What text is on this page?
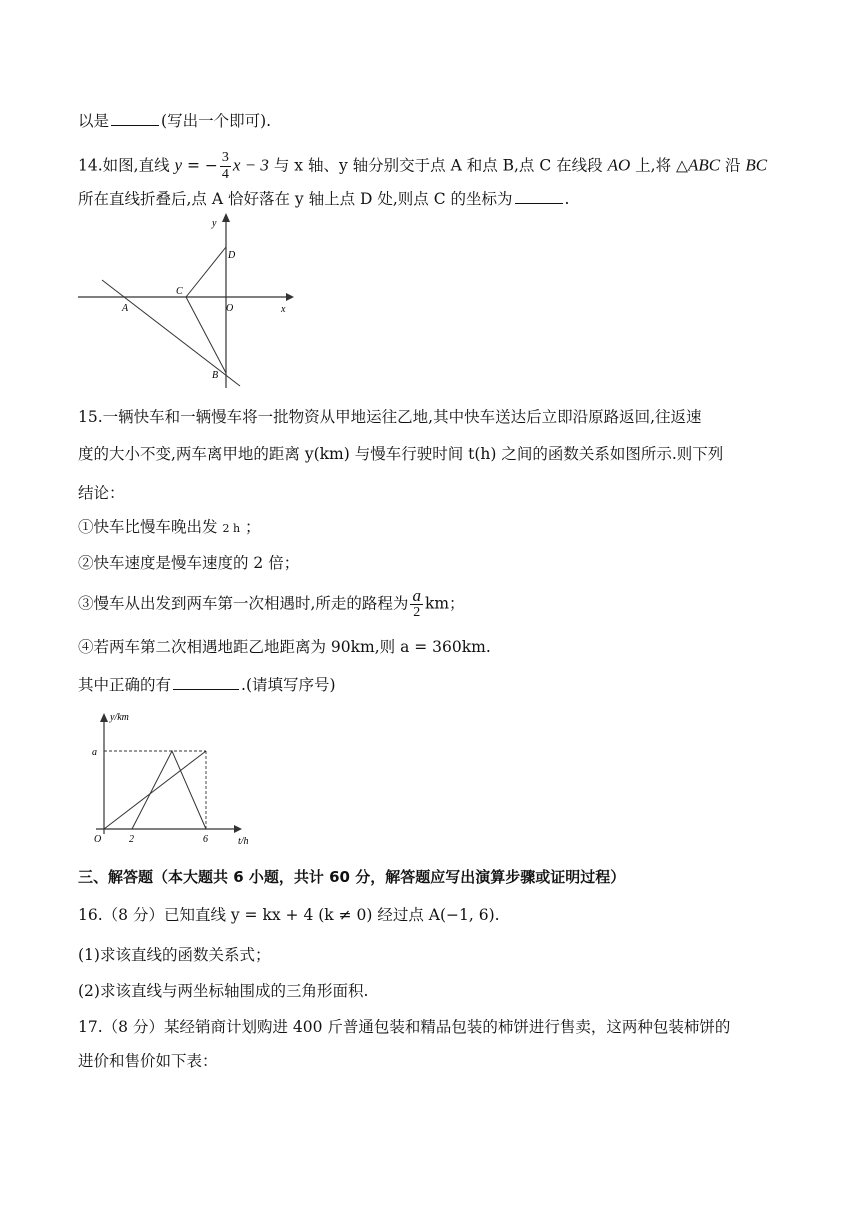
以是	(写出一个即可).
14.如图,直线 y = − $\frac{3}{4}$ x − 3 与 x 轴、y 轴分别交于点 A 和点 B,点 C 在线段 AO 上,将 △ABC 沿 BC
所在直线折叠后,点 A 恰好落在 y 轴上点 D 处,则点 C 的坐标为	.
y
x
D
C
O
A
B
15.一辆快车和一辆慢车将一批物资从甲地运往乙地,其中快车送达后立即沿原路返回,往返速
度的大小不变,两车离甲地的距离 y(km) 与慢车行驶时间 t(h) 之间的函数关系如图所示.则下列
结论：
①快车比慢车晚出发 2 h ；
②快车速度是慢车速度的 2 倍；
③慢车从出发到两车第一次相遇时,所走的路程为 $\frac{a}{2}$ km；
④若两车第二次相遇地距乙地距离为 90km,则 a = 360km.
其中正确的有	.(请填写序号)
y/km
a
O	2	6	t/h
三、解答题（本大题共 6 小题，共计 60 分，解答题应写出演算步骤或证明过程）
16.（8 分）已知直线 y = kx + 4 (k ≠ 0) 经过点 A(−1, 6).
(1)求该直线的函数关系式；
(2)求该直线与两坐标轴围成的三角形面积.
17.（8 分）某经销商计划购进 400 斤普通包装和精品包装的柿饼进行售卖，这两种包装柿饼的
进价和售价如下表：
